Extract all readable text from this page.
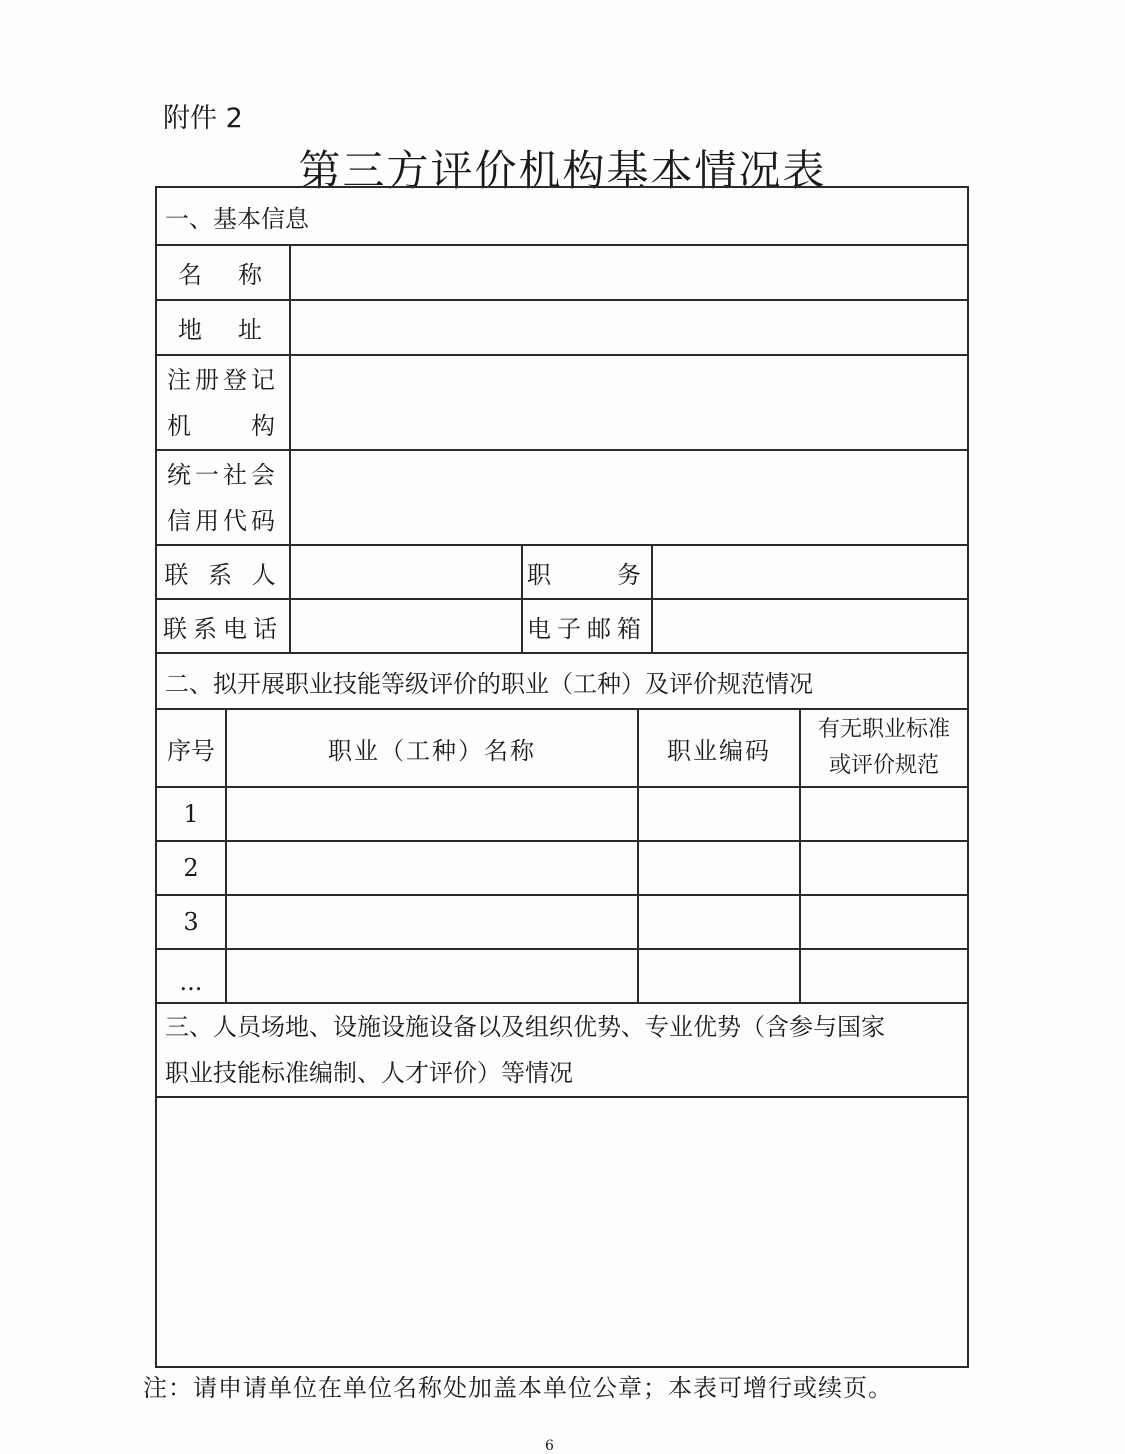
附件 2
第三方评价机构基本情况表
一、基本信息						
名　称						
地　址						

注册登记
机　　构						

统一社会
信用代码						

联 系 人			职　　务			
联系电话			电子邮箱			
二、拟开展职业技能等级评价的职业（工种）及评价规范情况						
序号	职业（工种）名称			职业编码		有无职业标准
或评价规范

1						
2						
3						
...						

三、人员场地、设施设施设备以及组织优势、专业优势（含参与国家
职业技能标准编制、人才评价）等情况						

注：请申请单位在单位名称处加盖本单位公章；本表可增行或续页。
6
